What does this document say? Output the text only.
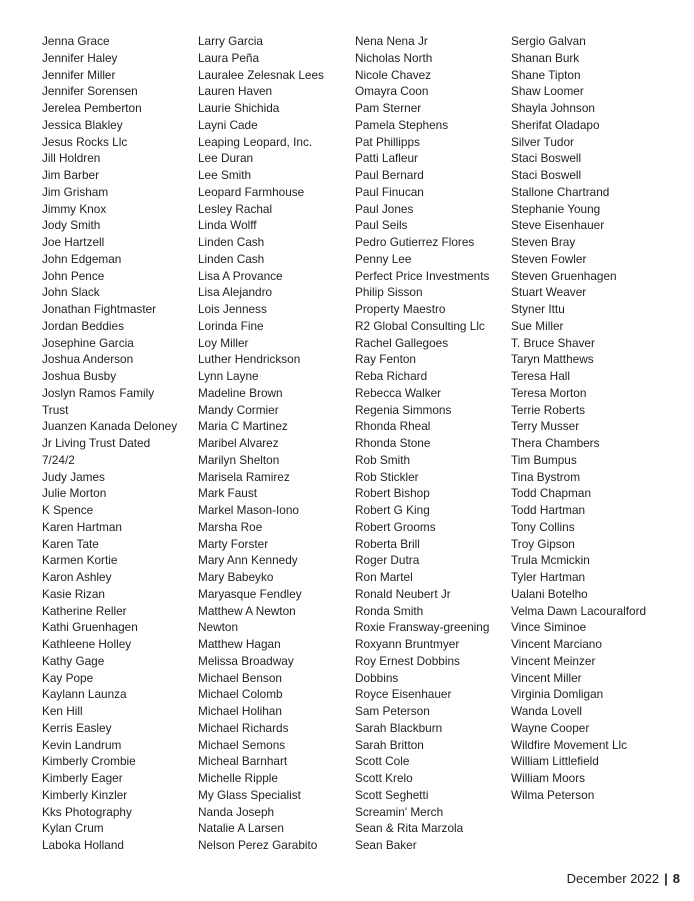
Jenna Grace
Jennifer Haley
Jennifer Miller
Jennifer Sorensen
Jerelea Pemberton
Jessica Blakley
Jesus Rocks Llc
Jill Holdren
Jim Barber
Jim Grisham
Jimmy Knox
Jody Smith
Joe Hartzell
John Edgeman
John Pence
John Slack
Jonathan Fightmaster
Jordan Beddies
Josephine Garcia
Joshua Anderson
Joshua Busby
Joslyn Ramos Family
Trust
Juanzen Kanada Deloney
Jr Living Trust Dated
7/24/2
Judy James
Julie Morton
K Spence
Karen Hartman
Karen Tate
Karmen Kortie
Karon Ashley
Kasie Rizan
Katherine Reller
Kathi Gruenhagen
Kathleene Holley
Kathy Gage
Kay Pope
Kaylann Launza
Ken Hill
Kerris Easley
Kevin Landrum
Kimberly Crombie
Kimberly Eager
Kimberly Kinzler
Kks Photography
Kylan Crum
Laboka Holland
Larry Garcia
Laura Peña
Lauralee Zelesnak Lees
Lauren Haven
Laurie Shichida
Layni Cade
Leaping Leopard, Inc.
Lee Duran
Lee Smith
Leopard Farmhouse
Lesley Rachal
Linda Wolff
Linden Cash
Linden Cash
Lisa A Provance
Lisa Alejandro
Lois Jenness
Lorinda Fine
Loy Miller
Luther Hendrickson
Lynn Layne
Madeline Brown
Mandy Cormier
Maria C Martinez
Maribel Alvarez
Marilyn Shelton
Marisela Ramirez
Mark Faust
Markel Mason-Iono
Marsha Roe
Marty Forster
Mary Ann Kennedy
Mary Babeyko
Maryasque Fendley
Matthew A Newton
Newton
Matthew Hagan
Melissa Broadway
Michael Benson
Michael Colomb
Michael Holihan
Michael Richards
Michael Semons
Micheal Barnhart
Michelle Ripple
My Glass Specialist
Nanda Joseph
Natalie A Larsen
Nelson Perez Garabito
Nena Nena Jr
Nicholas North
Nicole Chavez
Omayra Coon
Pam Sterner
Pamela Stephens
Pat Phillipps
Patti Lafleur
Paul Bernard
Paul Finucan
Paul Jones
Paul Seils
Pedro Gutierrez Flores
Penny Lee
Perfect Price Investments
Philip Sisson
Property Maestro
R2 Global Consulting Llc
Rachel Gallegoes
Ray Fenton
Reba Richard
Rebecca Walker
Regenia Simmons
Rhonda Rheal
Rhonda Stone
Rob Smith
Rob Stickler
Robert Bishop
Robert G King
Robert Grooms
Roberta Brill
Roger Dutra
Ron Martel
Ronald Neubert Jr
Ronda Smith
Roxie Fransway-greening
Roxyann Bruntmyer
Roy Ernest Dobbins
Dobbins
Royce Eisenhauer
Sam Peterson
Sarah Blackburn
Sarah Britton
Scott Cole
Scott Krelo
Scott Seghetti
Screamin' Merch
Sean & Rita Marzola
Sean Baker
Sergio Galvan
Shanan Burk
Shane Tipton
Shaw Loomer
Shayla Johnson
Sherifat Oladapo
Silver Tudor
Staci Boswell
Staci Boswell
Stallone Chartrand
Stephanie Young
Steve Eisenhauer
Steven Bray
Steven Fowler
Steven Gruenhagen
Stuart Weaver
Styner Ittu
Sue Miller
T. Bruce Shaver
Taryn Matthews
Teresa Hall
Teresa Morton
Terrie Roberts
Terry Musser
Thera Chambers
Tim Bumpus
Tina Bystrom
Todd Chapman
Todd Hartman
Tony Collins
Troy Gipson
Trula Mcmickin
Tyler Hartman
Ualani Botelho
Velma Dawn Lacouralford
Vince Siminoe
Vincent Marciano
Vincent Meinzer
Vincent Miller
Virginia Domligan
Wanda Lovell
Wayne Cooper
Wildfire Movement Llc
William Littlefield
William Moors
Wilma Peterson
December 2022 | 8
